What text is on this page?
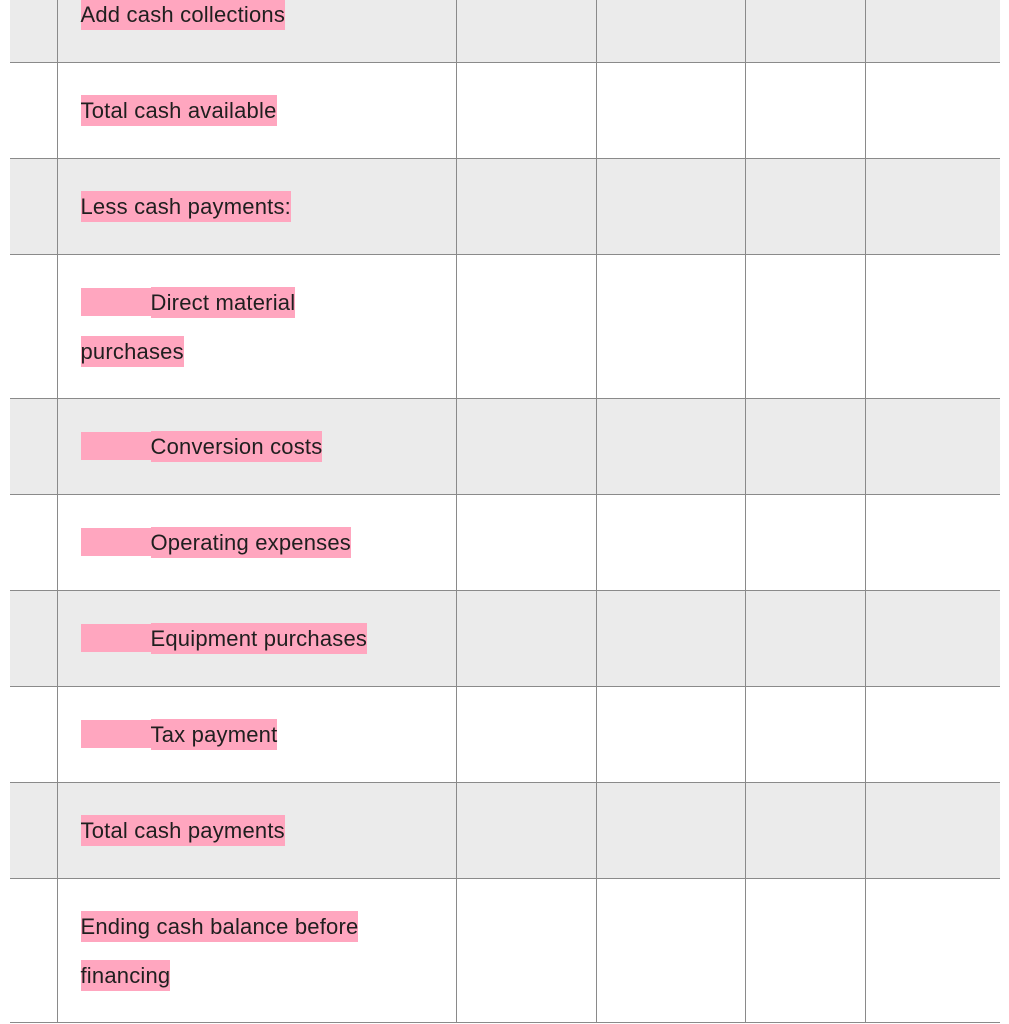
	Add cash collections				

	Total cash available				

	Less cash payments:				

	Direct material
purchases				

	Conversion costs				

	Operating expenses				

	Equipment purchases				

	Tax payment				

	Total cash payments				

	Ending cash balance before
financing				
